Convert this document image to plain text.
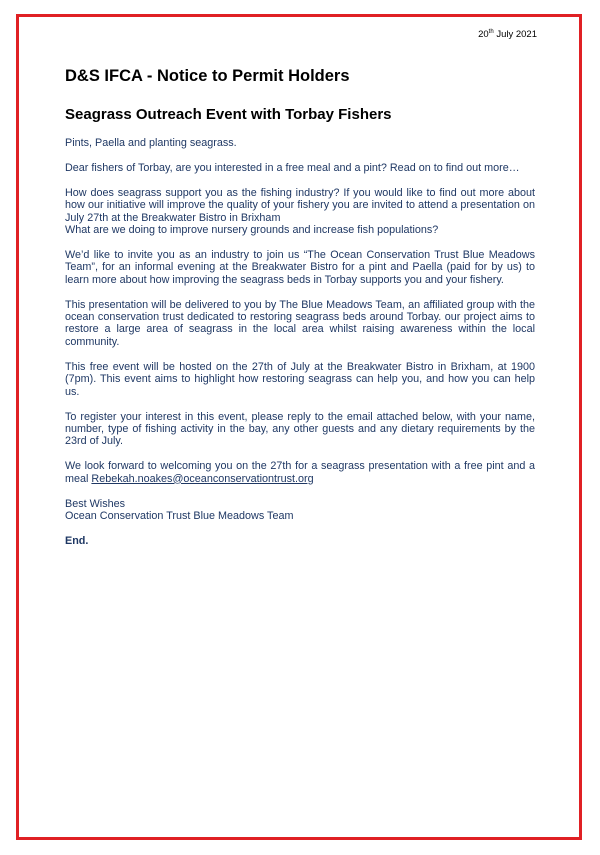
20th July 2021
D&S IFCA - Notice to Permit Holders
Seagrass Outreach Event with Torbay Fishers

Pints, Paella and planting seagrass.

Dear fishers of Torbay, are you interested in a free meal and a pint? Read on to find out more…

How does seagrass support you as the fishing industry? If you would like to find out more about how our initiative will improve the quality of your fishery you are invited to attend a presentation on July 27th at the Breakwater Bistro in Brixham
What are we doing to improve nursery grounds and increase fish populations?

We’d like to invite you as an industry to join us “The Ocean Conservation Trust Blue Meadows Team”, for an informal evening at the Breakwater Bistro for a pint and Paella (paid for by us) to learn more about how improving the seagrass beds in Torbay supports you and your fishery.

This presentation will be delivered to you by The Blue Meadows Team, an affiliated group with the ocean conservation trust dedicated to restoring seagrass beds around Torbay. our project aims to restore a large area of seagrass in the local area whilst raising awareness within the local community.

This free event will be hosted on the 27th of July at the Breakwater Bistro in Brixham, at 1900 (7pm). This event aims to highlight how restoring seagrass can help you, and how you can help us.

To register your interest in this event, please reply to the email attached below, with your name, number, type of fishing activity in the bay, any other guests and any dietary requirements by the 23rd of July.

We look forward to welcoming you on the 27th for a seagrass presentation with a free pint and a meal Rebekah.noakes@oceanconservationtrust.org

Best Wishes
Ocean Conservation Trust Blue Meadows Team

End.
